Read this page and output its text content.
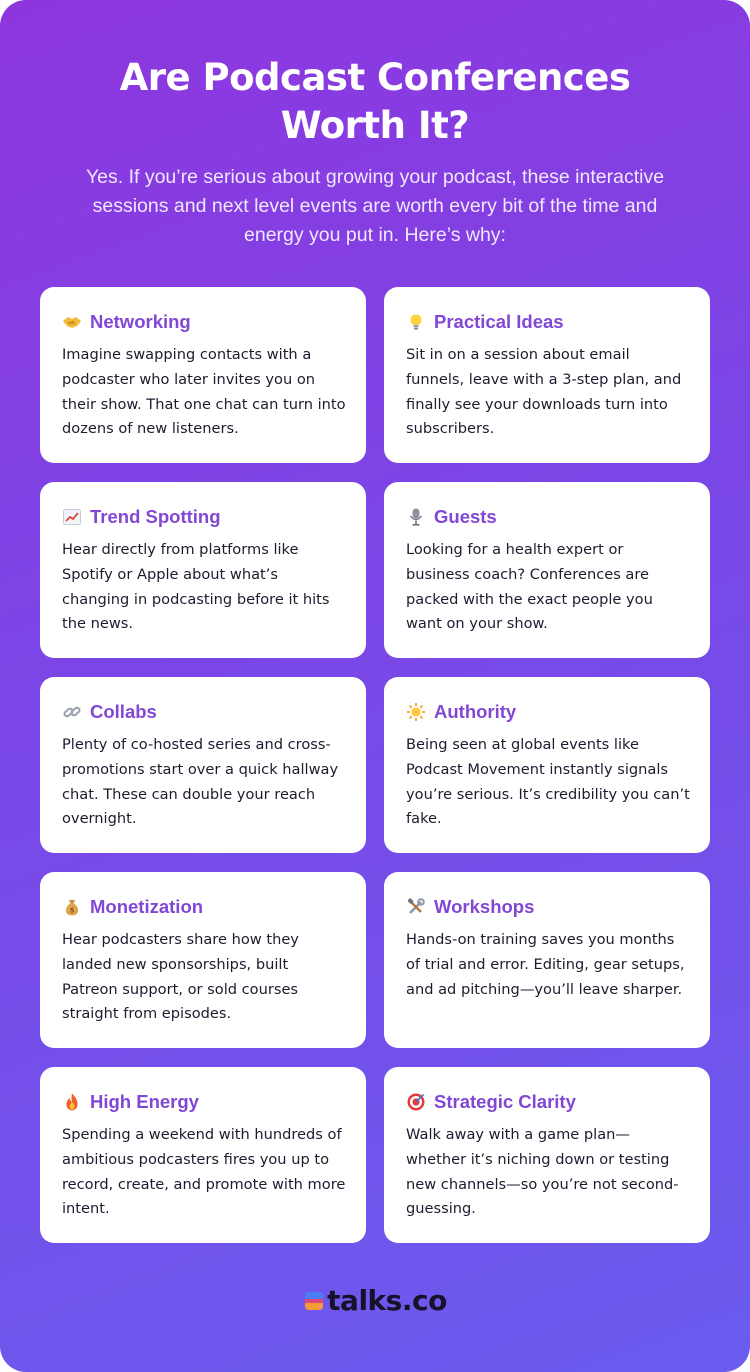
Are Podcast Conferences Worth It?

Yes. If you’re serious about growing your podcast, these interactive sessions and next level events are worth every bit of the time and energy you put in. Here’s why:

Networking

Imagine swapping contacts with a podcaster who later invites you on their show. That one chat can turn into dozens of new listeners.

Practical Ideas

Sit in on a session about email funnels, leave with a 3-step plan, and finally see your downloads turn into subscribers.

Trend Spotting

Hear directly from platforms like Spotify or Apple about what’s changing in podcasting before it hits the news.

Guests

Looking for a health expert or business coach? Conferences are packed with the exact people you want on your show.

Collabs

Plenty of co-hosted series and cross-promotions start over a quick hallway chat. These can double your reach overnight.

Authority

Being seen at global events like Podcast Movement instantly signals you’re serious. It’s credibility you can’t fake.

$ Monetization

Hear podcasters share how they landed new sponsorships, built Patreon support, or sold courses straight from episodes.

Workshops

Hands-on training saves you months of trial and error. Editing, gear setups, and ad pitching—you’ll leave sharper.

High Energy

Spending a weekend with hundreds of ambitious podcasters fires you up to record, create, and promote with more intent.

Strategic Clarity

Walk away with a game plan—whether it’s niching down or testing new channels—so you’re not second-guessing.

talks.co
